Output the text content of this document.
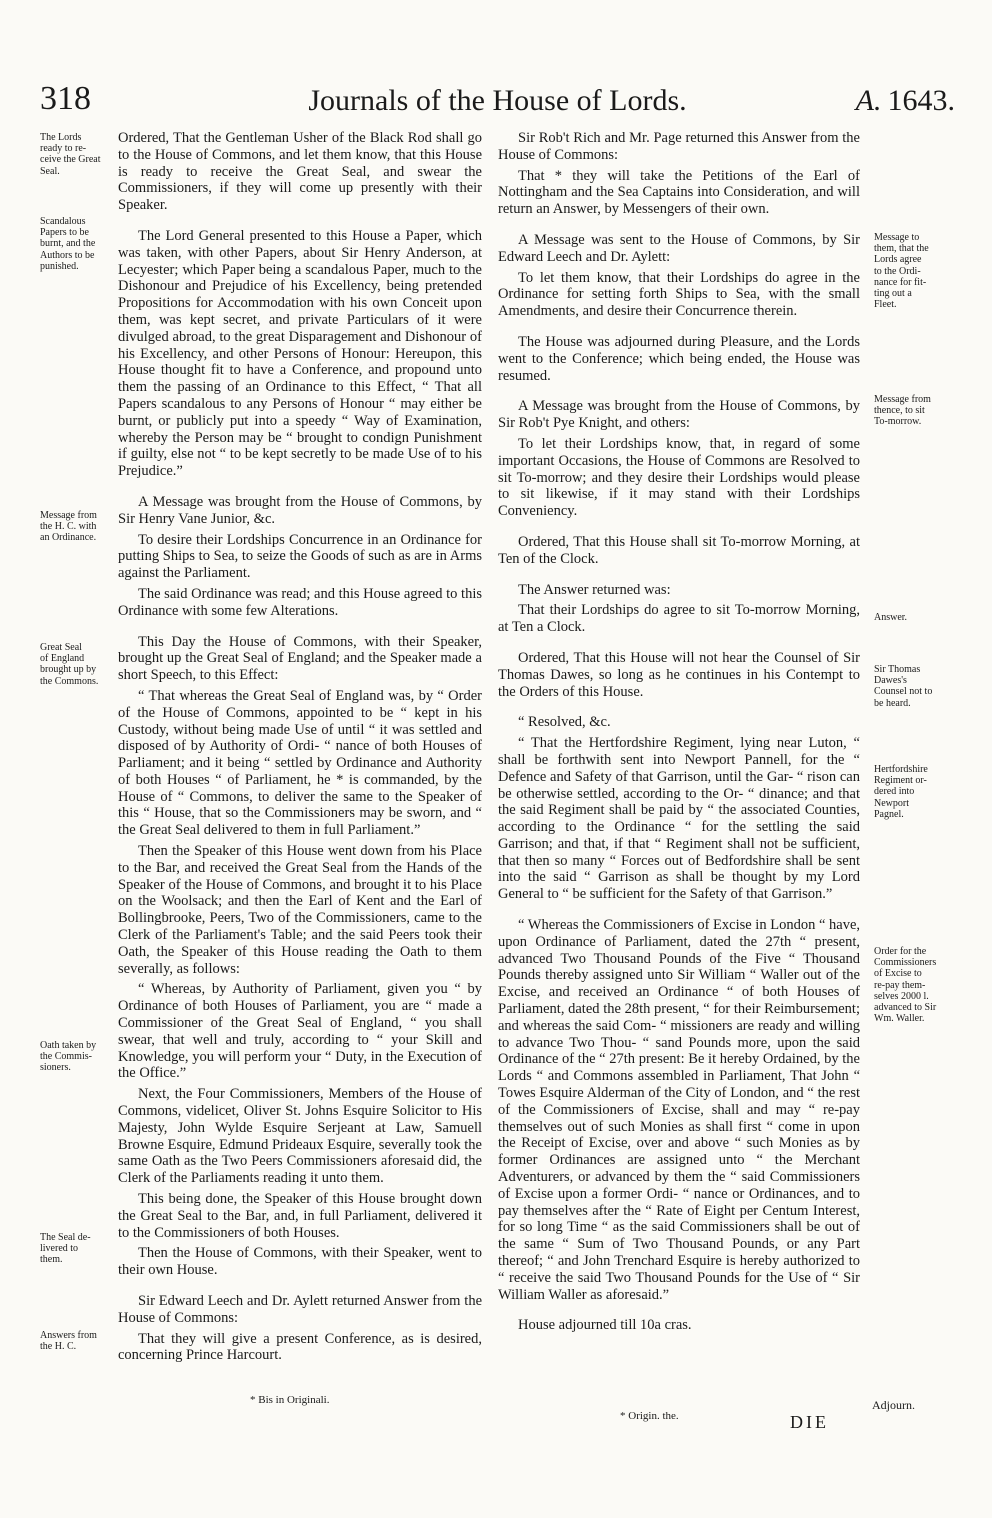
318	Journals of the House of Lords.	A. 1643.
The Lords
ready to re-
ceive the Great
Seal.
Scandalous
Papers to be
burnt, and the
Authors to be
punished.
Message from
the H. C. with
an Ordinance.
Great Seal
of England
brought up by
the Commons.
Oath taken by
the Commis-
sioners.
The Seal de-
livered to
them.
Answers from
the H. C.

Ordered, That the Gentleman Usher of the Black Rod shall go to the House of Commons, and let them know, that this House is ready to receive the Great Seal, and swear the Commissioners, if they will come up presently with their Speaker.

The Lord General presented to this House a Paper, which was taken, with other Papers, about Sir Henry Anderson, at Lecyester; which Paper being a scandalous Paper, much to the Dishonour and Prejudice of his Excellency, being pretended Propositions for Accommodation with his own Conceit upon them, was kept secret, and private Particulars of it were divulged abroad, to the great Disparagement and Dishonour of his Excellency, and other Persons of Honour: Hereupon, this House thought fit to have a Conference, and propound unto them the passing of an Ordinance to this Effect, “ That all Papers scandalous to any Persons of Honour “ may either be burnt, or publicly put into a speedy “ Way of Examination, whereby the Person may be “ brought to condign Punishment if guilty, else not “ to be kept secretly to be made Use of to his Prejudice.”

A Message was brought from the House of Commons, by Sir Henry Vane Junior, &c.

To desire their Lordships Concurrence in an Ordinance for putting Ships to Sea, to seize the Goods of such as are in Arms against the Parliament.

The said Ordinance was read; and this House agreed to this Ordinance with some few Alterations.

This Day the House of Commons, with their Speaker, brought up the Great Seal of England; and the Speaker made a short Speech, to this Effect:

“ That whereas the Great Seal of England was, by “ Order of the House of Commons, appointed to be “ kept in his Custody, without being made Use of until “ it was settled and disposed of by Authority of Ordi- “ nance of both Houses of Parliament; and it being “ settled by Ordinance and Authority of both Houses “ of Parliament, he * is commanded, by the House of “ Commons, to deliver the same to the Speaker of this “ House, that so the Commissioners may be sworn, and “ the Great Seal delivered to them in full Parliament.”

Then the Speaker of this House went down from his Place to the Bar, and received the Great Seal from the Hands of the Speaker of the House of Commons, and brought it to his Place on the Woolsack; and then the Earl of Kent and the Earl of Bollingbrooke, Peers, Two of the Commissioners, came to the Clerk of the Parliament's Table; and the said Peers took their Oath, the Speaker of this House reading the Oath to them severally, as follows:

“ Whereas, by Authority of Parliament, given you “ by Ordinance of both Houses of Parliament, you are “ made a Commissioner of the Great Seal of England, “ you shall swear, that well and truly, according to “ your Skill and Knowledge, you will perform your “ Duty, in the Execution of the Office.”

Next, the Four Commissioners, Members of the House of Commons, videlicet, Oliver St. Johns Esquire Solicitor to His Majesty, John Wylde Esquire Serjeant at Law, Samuell Browne Esquire, Edmund Prideaux Esquire, severally took the same Oath as the Two Peers Commissioners aforesaid did, the Clerk of the Parliaments reading it unto them.

This being done, the Speaker of this House brought down the Great Seal to the Bar, and, in full Parliament, delivered it to the Commissioners of both Houses.

Then the House of Commons, with their Speaker, went to their own House.

Sir Edward Leech and Dr. Aylett returned Answer from the House of Commons:

That they will give a present Conference, as is desired, concerning Prince Harcourt.

* Bis in Originali.

Sir Rob't Rich and Mr. Page returned this Answer from the House of Commons:

That * they will take the Petitions of the Earl of Nottingham and the Sea Captains into Consideration, and will return an Answer, by Messengers of their own.

A Message was sent to the House of Commons, by Sir Edward Leech and Dr. Aylett:

To let them know, that their Lordships do agree in the Ordinance for setting forth Ships to Sea, with the small Amendments, and desire their Concurrence therein.

The House was adjourned during Pleasure, and the Lords went to the Conference; which being ended, the House was resumed.

A Message was brought from the House of Commons, by Sir Rob't Pye Knight, and others:

To let their Lordships know, that, in regard of some important Occasions, the House of Commons are Resolved to sit To-morrow; and they desire their Lordships would please to sit likewise, if it may stand with their Lordships Conveniency.

Ordered, That this House shall sit To-morrow Morning, at Ten of the Clock.

The Answer returned was:

That their Lordships do agree to sit To-morrow Morning, at Ten a Clock.

Ordered, That this House will not hear the Counsel of Sir Thomas Dawes, so long as he continues in his Contempt to the Orders of this House.

“ Resolved, &c.

“ That the Hertfordshire Regiment, lying near Luton, “ shall be forthwith sent into Newport Pannell, for the “ Defence and Safety of that Garrison, until the Gar- “ rison can be otherwise settled, according to the Or- “ dinance; and that the said Regiment shall be paid by “ the associated Counties, according to the Ordinance “ for the settling the said Garrison; and that, if that “ Regiment shall not be sufficient, that then so many “ Forces out of Bedfordshire shall be sent into the said “ Garrison as shall be thought by my Lord General to “ be sufficient for the Safety of that Garrison.”

“ Whereas the Commissioners of Excise in London “ have, upon Ordinance of Parliament, dated the 27th “ present, advanced Two Thousand Pounds of the Five “ Thousand Pounds thereby assigned unto Sir William “ Waller out of the Excise, and received an Ordinance “ of both Houses of Parliament, dated the 28th present, “ for their Reimbursement; and whereas the said Com- “ missioners are ready and willing to advance Two Thou- “ sand Pounds more, upon the said Ordinance of the “ 27th present: Be it hereby Ordained, by the Lords “ and Commons assembled in Parliament, That John “ Towes Esquire Alderman of the City of London, and “ the rest of the Commissioners of Excise, shall and may “ re-pay themselves out of such Monies as shall first “ come in upon the Receipt of Excise, over and above “ such Monies as by former Ordinances are assigned unto “ the Merchant Adventurers, or advanced by them the “ said Commissioners of Excise upon a former Ordi- “ nance or Ordinances, and to pay themselves after the “ Rate of Eight per Centum Interest, for so long Time “ as the said Commissioners shall be out of the same “ Sum of Two Thousand Pounds, or any Part thereof; “ and John Trenchard Esquire is hereby authorized to “ receive the said Two Thousand Pounds for the Use of “ Sir William Waller as aforesaid.”

House adjourned till 10a cras.

* Origin. the.
Adjourn.
DIE
Message to
them, that the
Lords agree
to the Ordi-
nance for fit-
ting out a
Fleet.
Message from
thence, to sit
To-morrow.
Answer.
Sir Thomas
Dawes's
Counsel not to
be heard.
Hertfordshire
Regiment or-
dered into
Newport
Pagnel.
Order for the
Commissioners
of Excise to
re-pay them-
selves 2000 l.
advanced to Sir
Wm. Waller.
